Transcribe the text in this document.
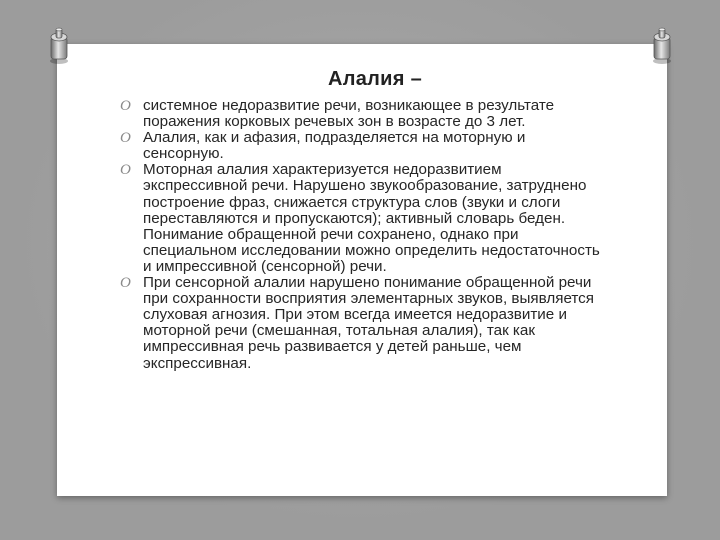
Алалия –
O системное недоразвитие речи, возникающее в результате поражения корковых речевых зон в возрасте до 3 лет.
O Алалия, как и афазия, подразделяется на моторную и сенсорную.
O Моторная алалия характеризуется недоразвитием экспрессивной речи. Нарушено звукообразование, затруднено построение фраз, снижается структура слов (звуки и слоги переставляются и пропускаются); активный словарь беден. Понимание обращенной речи сохранено, однако при специальном исследовании можно определить недостаточность и импрессивной (сенсорной) речи.
O При сенсорной алалии нарушено понимание обращенной речи при сохранности восприятия элементарных звуков, выявляется слуховая агнозия. При этом всегда имеется недоразвитие и моторной речи (смешанная, тотальная алалия), так как импрессивная речь развивается у детей раньше, чем экспрессивная.
